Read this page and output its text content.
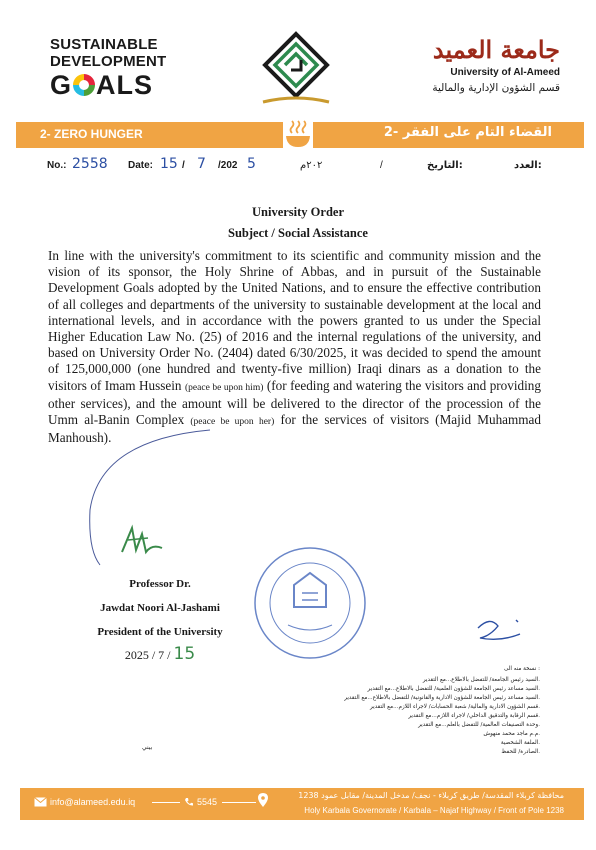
SUSTAINABLE
DEVELOPMENT
G ALS
جامعة العميد
University of Al-Ameed
قسم الشؤون الإدارية والمالية
2- ZERO HUNGER	2- القضاء التام على الفقر
No.: 2558 Date: 15 / 7 /202 5	٢٠٢م	/	التاريخ:	العدد:
University Order
Subject / Social Assistance
In line with the university's commitment to its scientific and community mission and the vision of its sponsor, the Holy Shrine of Abbas, and in pursuit of the Sustainable Development Goals adopted by the United Nations, and to ensure the effective contribution of all colleges and departments of the university to sustainable development at the local and international levels, and in accordance with the powers granted to us under the Special Higher Education Law No. (25) of 2016 and the internal regulations of the university, and based on University Order No. (2404) dated 6/30/2025, it was decided to spend the amount of 125,000,000 (one hundred and twenty-five million) Iraqi dinars as a donation to the visitors of Imam Hussein (peace be upon him) (for feeding and watering the visitors and providing other services), and the amount will be delivered to the director of the procession of the Umm al-Banin Complex (peace be upon her) for the services of visitors (Majid Muhammad Manhoush).
Professor Dr.
Jawdat Noori Al-Jashami
President of the University
2025 / 7 / 15
نسخة منه الى :
السيد رئيس الجامعة/ للتفضل بالاطلاع...مع التقدير.
السيد مساعد رئيس الجامعة للشؤون العلمية/ للتفضل بالاطلاع...مع التقدير.
السيد مساعد رئيس الجامعة للشؤون الادارية والقانونية/ للتفضل بالاطلاع...مع التقدير.
قسم الشؤون الادارية والمالية/ شعبة الحسابات/ لاجراء اللازم...مع التقدير.
قسم الرقابة والتدقيق الداخلي/ لاجراء اللازم...مع التقدير.
وحدة التصنيفات العالمية/ للتفضل بالعلم...مع التقدير.
م.م ماجد محمد منهوش.
الملفة الشخصية.
الصادرة/ للحفظ.
بيني
info@alameed.edu.iq	5545
محافظة كربلاء المقدسة/ طريق كربلاء - نجف/ مدخل المدينة/ مقابل عمود 1238
Holy Karbala Governorate / Karbala – Najaf Highway / Front of Pole 1238
